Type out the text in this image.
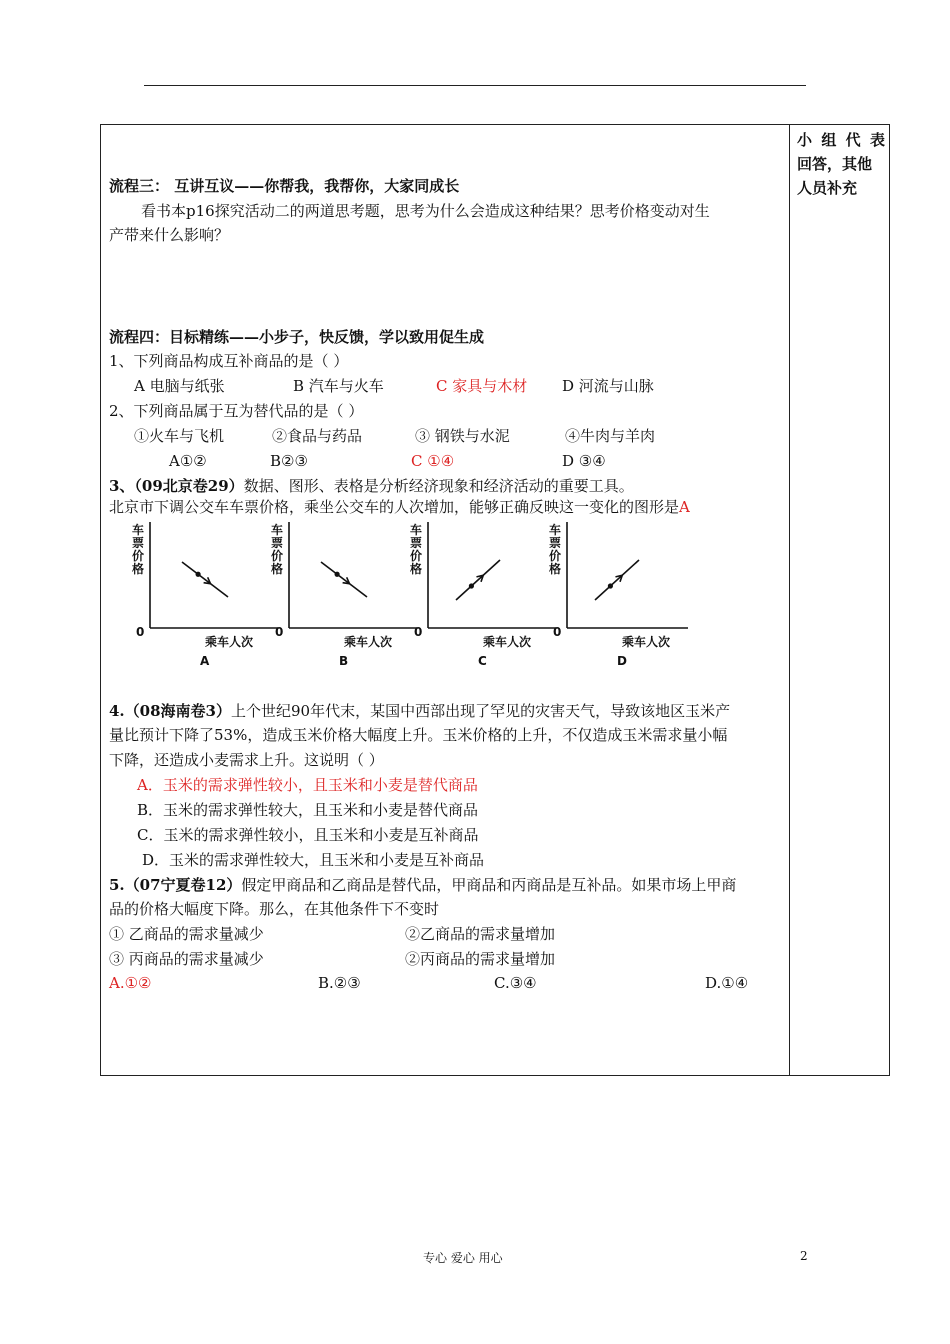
小 组 代 表
回答，其他
人员补充
流程三： 互讲互议——你帮我，我帮你，大家同成长
看书本p16探究活动二的两道思考题，思考为什么会造成这种结果？思考价格变动对生
产带来什么影响？
流程四：目标精练——小步子，快反馈，学以致用促生成
1、下列商品构成互补商品的是（ ）
A 电脑与纸张	B 汽车与火车	C 家具与木材 D 河流与山脉
2、下列商品属于互为替代品的是（ ）
①火车与飞机	②食品与药品	③ 钢铁与水泥	④牛肉与羊肉
A①②	B②③	C ①④	D ③④
3、（09北京卷29）数据、图形、表格是分析经济现象和经济活动的重要工具。
北京市下调公交车车票价格，乘坐公交车的人次增加，能够正确反映这一变化的图形是A
车
票
价
格
0
乘车人次
A
车
票
价
格
0
乘车人次
B
车
票
价
格
0
乘车人次
C
车
票
价
格
0
乘车人次
D
4.（08海南卷3）上个世纪90年代末，某国中西部出现了罕见的灾害天气，导致该地区玉米产
量比预计下降了53%，造成玉米价格大幅度上升。玉米价格的上升，不仅造成玉米需求量小幅
下降，还造成小麦需求上升。这说明（ ）
A．玉米的需求弹性较小，且玉米和小麦是替代商品
B．玉米的需求弹性较大，且玉米和小麦是替代商品
C．玉米的需求弹性较小，且玉米和小麦是互补商品
D．玉米的需求弹性较大，且玉米和小麦是互补商品
5.（07宁夏卷12）假定甲商品和乙商品是替代品，甲商品和丙商品是互补品。如果市场上甲商
品的价格大幅度下降。那么，在其他条件下不变时
① 乙商品的需求量减少	②乙商品的需求量增加
③ 丙商品的需求量减少	②丙商品的需求量增加
A.①②	B.②③	C.③④	D.①④
专心 爱心 用心	2
